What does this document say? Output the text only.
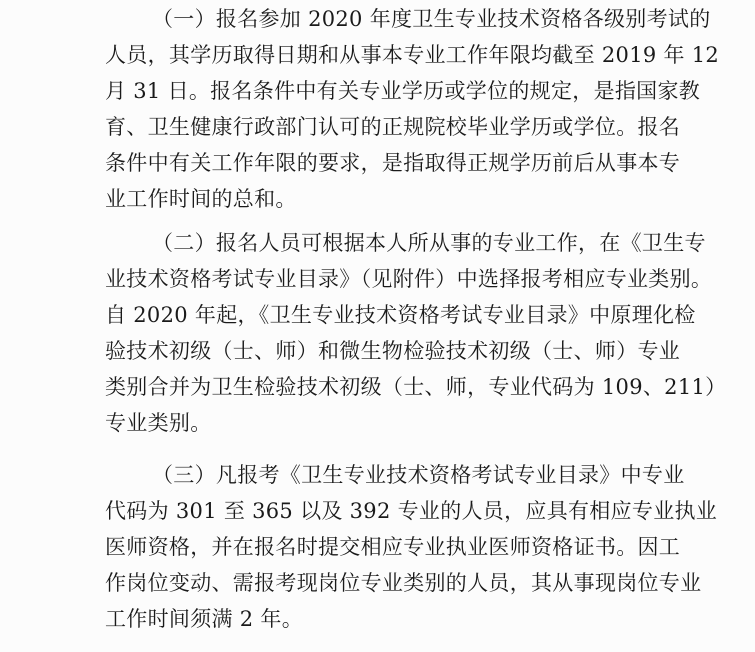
（一）报名参加 2020 年度卫生专业技术资格各级别考试的
人员，其学历取得日期和从事本专业工作年限均截至 2019 年 12
月 31 日。报名条件中有关专业学历或学位的规定，是指国家教
育、卫生健康行政部门认可的正规院校毕业学历或学位。报名
条件中有关工作年限的要求，是指取得正规学历前后从事本专
业工作时间的总和。
（二）报名人员可根据本人所从事的专业工作，在《卫生专
业技术资格考试专业目录》（见附件）中选择报考相应专业类别。
自 2020 年起，《卫生专业技术资格考试专业目录》中原理化检
验技术初级（士、师）和微生物检验技术初级（士、师）专业
类别合并为卫生检验技术初级（士、师，专业代码为 109、211）
专业类别。
（三）凡报考《卫生专业技术资格考试专业目录》中专业
代码为 301 至 365 以及 392 专业的人员，应具有相应专业执业
医师资格，并在报名时提交相应专业执业医师资格证书。因工
作岗位变动、需报考现岗位专业类别的人员，其从事现岗位专业
工作时间须满 2 年。
